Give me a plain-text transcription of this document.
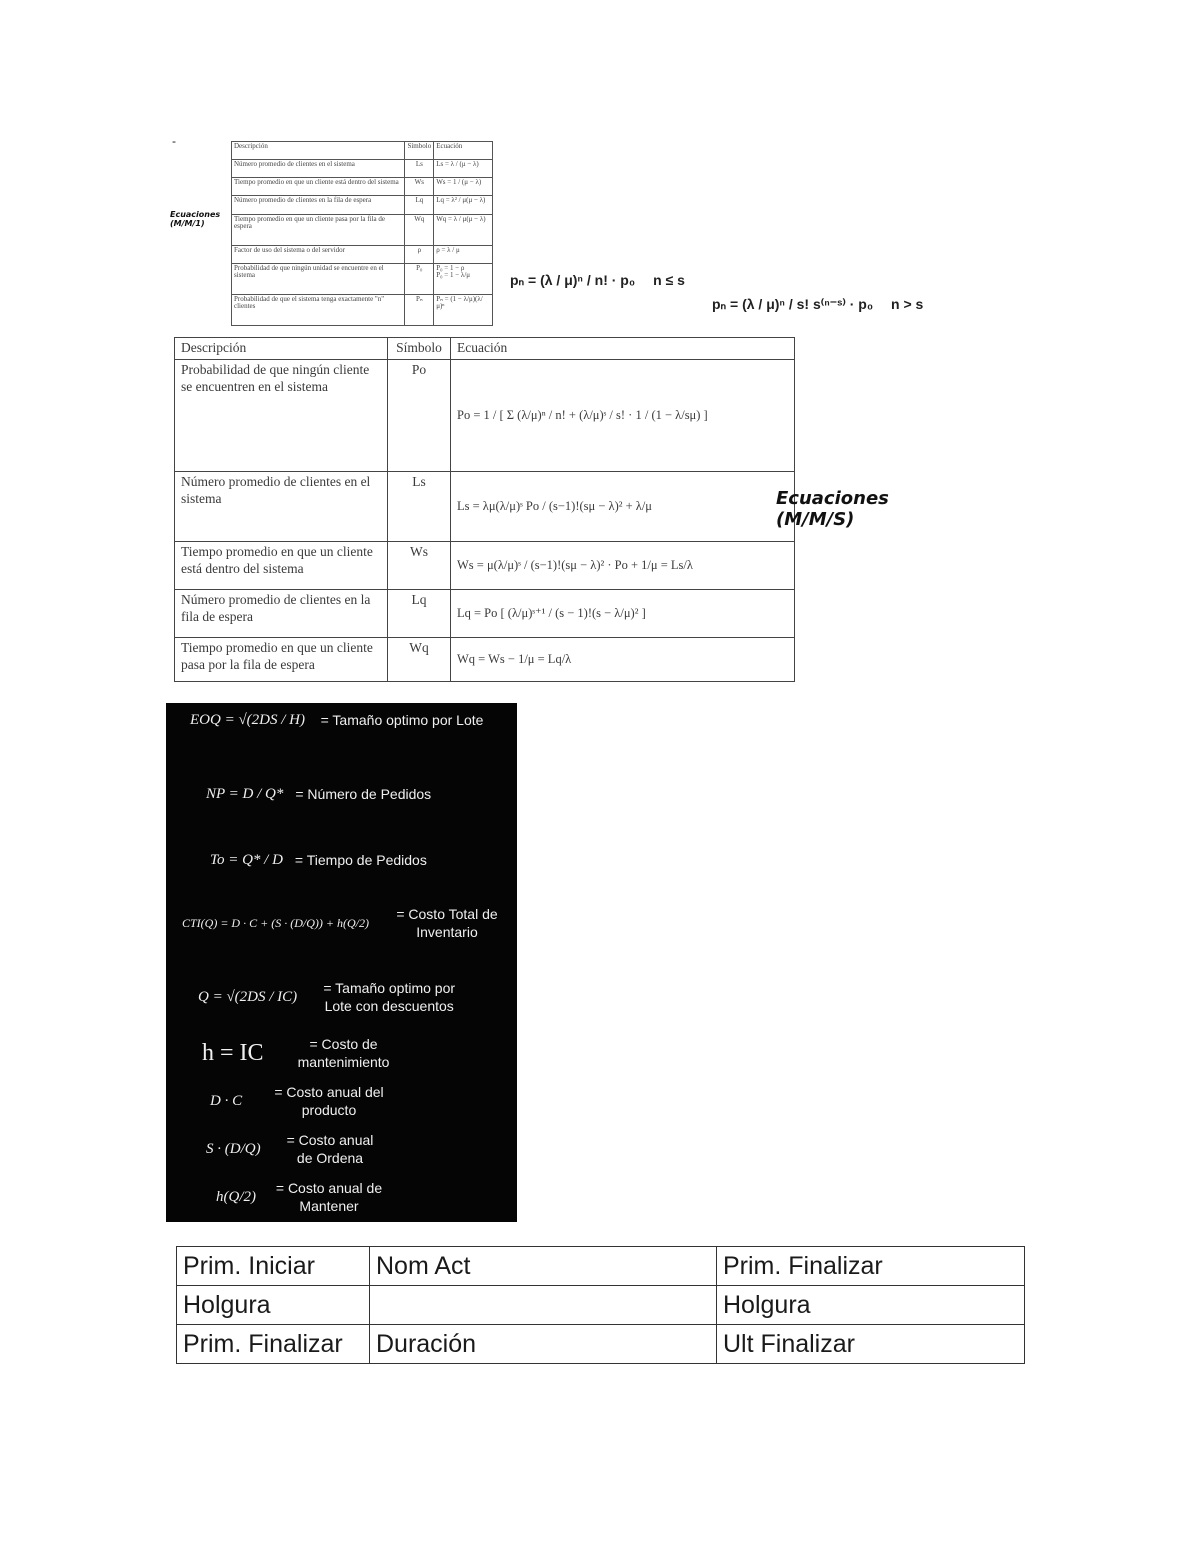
-
Ecuaciones (M/M/1)
Descripción	Símbolo	Ecuación
Número promedio de clientes en el sistema	Ls	Ls = λ / (μ − λ)
Tiempo promedio en que un cliente está dentro del sistema	Ws	Ws = 1 / (μ − λ)
Número promedio de clientes en la fila de espera	Lq	Lq = λ² / μ(μ − λ)
Tiempo promedio en que un cliente pasa por la fila de espera	Wq	Wq = λ / μ(μ − λ)
Factor de uso del sistema o del servidor	ρ	ρ = λ / μ
Probabilidad de que ningún unidad se encuentre en el sistema	P₀	P₀ = 1 − ρ
P₀ = 1 − λ/μ
Probabilidad de que el sistema tenga exactamente "n" clientes	Pₙ	Pₙ = (1 − λ/μ)(λ/μ)ⁿ
pₙ = (λ / μ)ⁿ / n! · p₀ n ≤ s
pₙ = (λ / μ)ⁿ / s! s⁽ⁿ⁻ˢ⁾ · p₀ n > s
Descripción	Símbolo	Ecuación
Probabilidad de que ningún cliente se encuentren en el sistema	Po	Po = 1 / [ Σ (λ/μ)ⁿ / n! + (λ/μ)ˢ / s! · 1 / (1 − λ/sμ) ]
Número promedio de clientes en el sistema	Ls	Ls = λμ(λ/μ)ˢ Po / (s−1)!(sμ − λ)² + λ/μ
Tiempo promedio en que un cliente está dentro del sistema	Ws	Ws = μ(λ/μ)ˢ / (s−1)!(sμ − λ)² · Po + 1/μ = Ls/λ
Número promedio de clientes en la fila de espera	Lq	Lq = Po [ (λ/μ)ˢ⁺¹ / (s − 1)!(s − λ/μ)² ]
Tiempo promedio en que un cliente pasa por la fila de espera	Wq	Wq = Ws − 1/μ = Lq/λ
Ecuaciones (M/M/S)
EOQ = √(2DS / H) = Tamaño optimo por Lote
NP = D / Q* = Número de Pedidos
To = Q* / D = Tiempo de Pedidos
CTI(Q) = D · C + (S · (D/Q)) + h(Q/2)
= Costo Total de Inventario
Q = √(2DS / IC)
= Tamaño optimo por Lote con descuentos
h = IC	= Costo de mantenimiento
D · C
= Costo anual del producto
S · (D/Q)
= Costo anual de Ordena
h(Q/2)
= Costo anual de Mantener
Prim. Iniciar	Nom Act	Prim. Finalizar
Holgura		Holgura
Prim. Finalizar	Duración	Ult Finalizar
